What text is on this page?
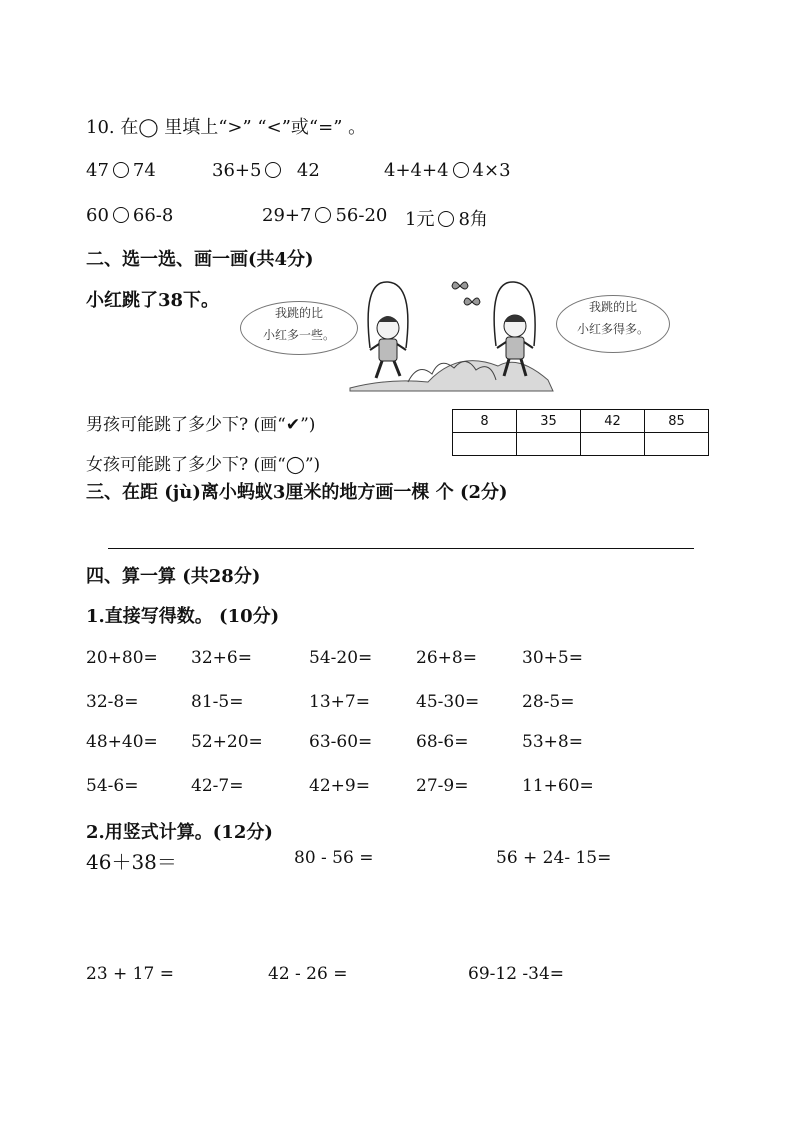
10. 在◯ 里填上“>” “<”或“=” 。
47 74	36+5 42	4+4+4 4×3
60 66-8	29+7 56-20 1元 8角
二、选一选、画一画(共4分)
小红跳了38下。
我跳的比
小红多一些。
我跳的比
小红多得多。
男孩可能跳了多少下? (画“✔”)
女孩可能跳了多少下? (画“◯”)
8	35	42	85

三、在距 (jù)离小蚂蚁3厘米的地方画一棵 个 (2分)
四、算一算 (共28分)
1.直接写得数。 (10分)
20+80= 32+6=	54-20=	26+8=	30+5=
32-8=	81-5=	13+7=	45-30=	28-5=
48+40= 52+20=	63-60=	68-6=	53+8=
54-6=	42-7=	42+9=	27-9=	11+60=
2.用竖式计算。(12分)
46＋38＝	80 - 56 =	56 + 24- 15=
23 + 17 =	42 - 26 =	69-12 -34=
